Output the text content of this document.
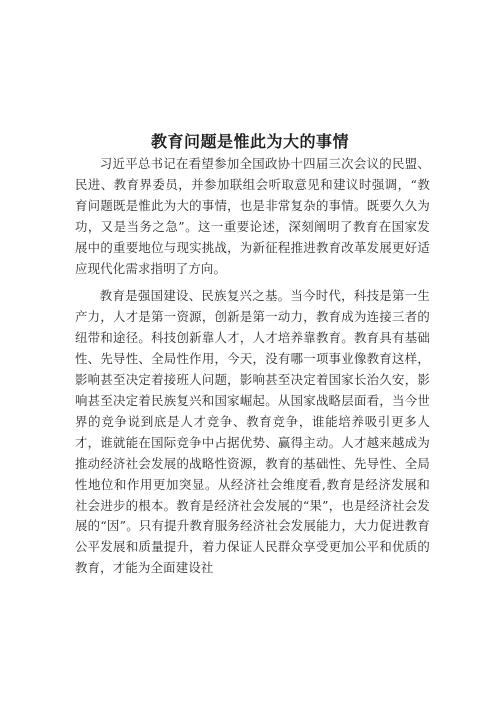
教育问题是惟此为大的事情

习近平总书记在看望参加全国政协十四届三次会议的民盟、民进、教育界委员，并参加联组会听取意见和建议时强调，“教育问题既是惟此为大的事情，也是非常复杂的事情。既要久久为功，又是当务之急”。这一重要论述，深刻阐明了教育在国家发展中的重要地位与现实挑战，为新征程推进教育改革发展更好适应现代化需求指明了方向。

教育是强国建设、民族复兴之基。当今时代，科技是第一生产力，人才是第一资源，创新是第一动力，教育成为连接三者的纽带和途径。科技创新靠人才，人才培养靠教育。教育具有基础性、先导性、全局性作用，今天，没有哪一项事业像教育这样，影响甚至决定着接班人问题，影响甚至决定着国家长治久安，影响甚至决定着民族复兴和国家崛起。从国家战略层面看，当今世界的竞争说到底是人才竞争、教育竞争，谁能培养吸引更多人才，谁就能在国际竞争中占据优势、赢得主动。人才越来越成为推动经济社会发展的战略性资源，教育的基础性、先导性、全局性地位和作用更加突显。从经济社会维度看,教育是经济发展和社会进步的根本。教育是经济社会发展的“果”，也是经济社会发展的“因”。只有提升教育服务经济社会发展能力，大力促进教育公平发展和质量提升，着力保证人民群众享受更加公平和优质的教育，才能为全面建设社
